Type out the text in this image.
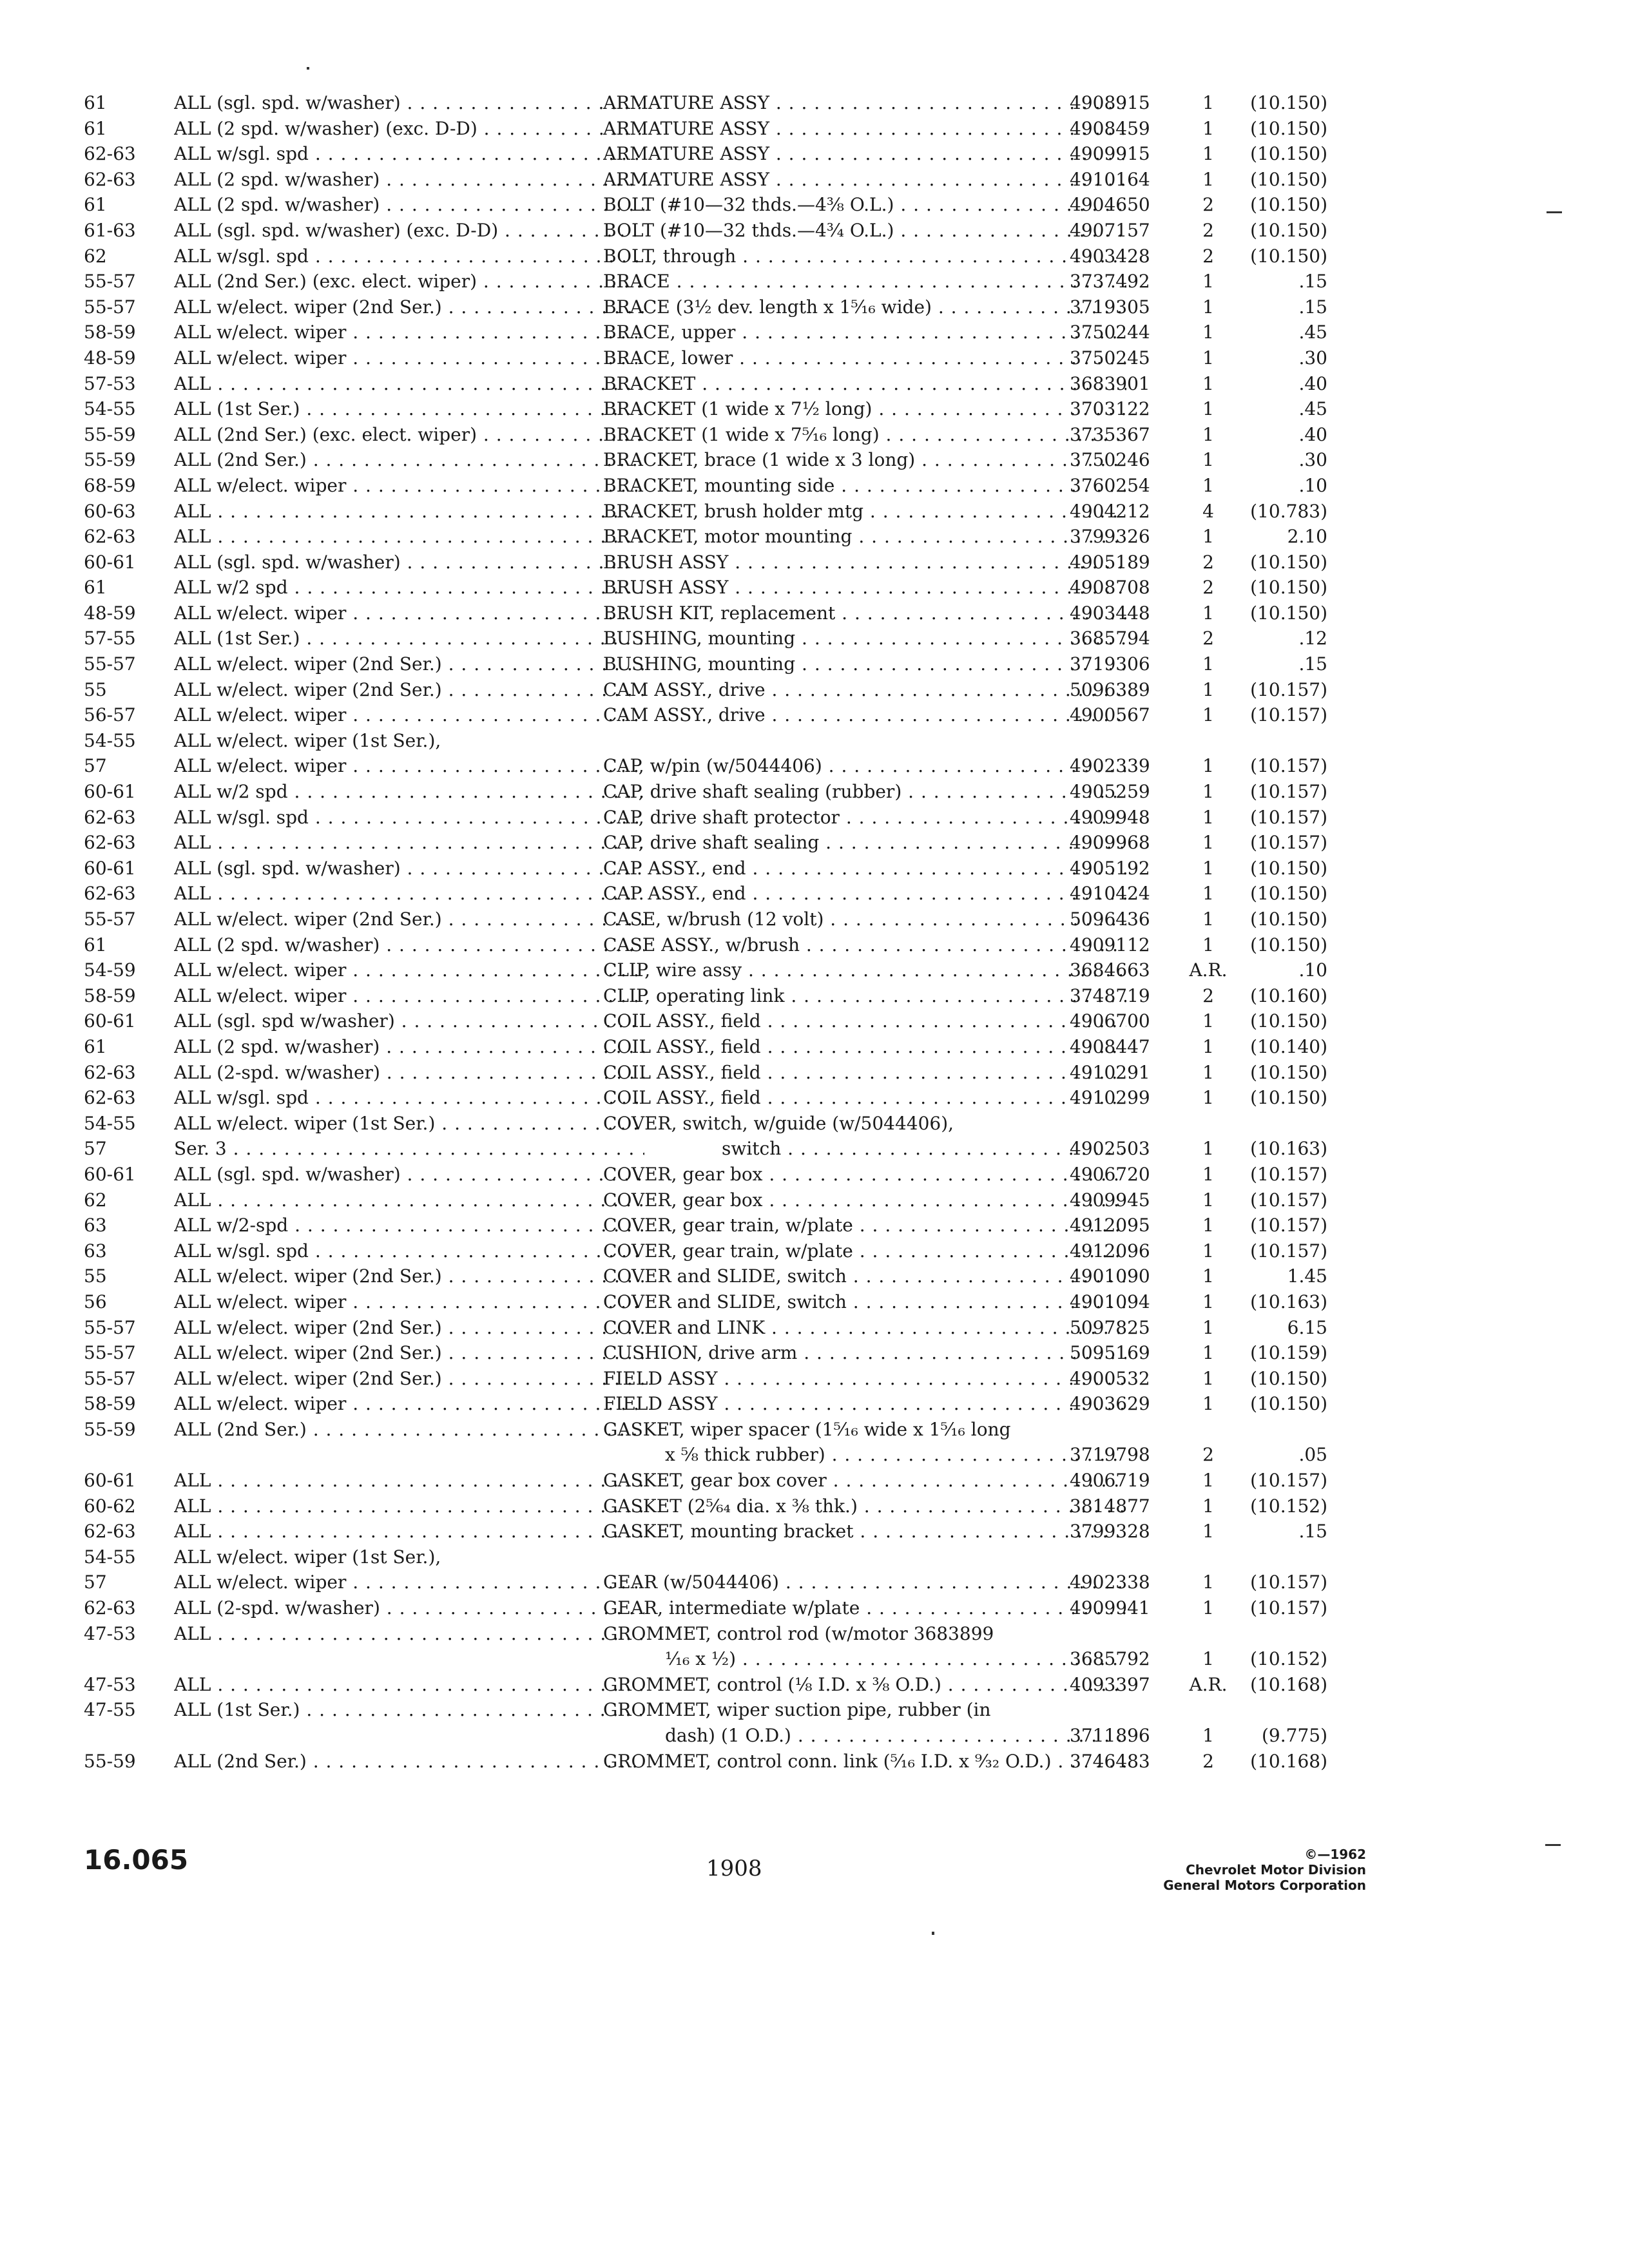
61	ALL (sgl. spd. w/washer) . . .	ARMATURE ASSY . . .	4908915	1	(10.150)
61	ALL (2 spd. w/washer) (exc. D-D) . . .	ARMATURE ASSY . . .	4908459	1	(10.150)
62-63	ALL w/sgl. spd . . .	ARMATURE ASSY . . .	4909915	1	(10.150)
62-63	ALL (2 spd. w/washer) . . .	ARMATURE ASSY . . .	4910164	1	(10.150)
61	ALL (2 spd. w/washer) . . .	BOLT (#10—32 thds.—4⅜ O.L.) . . .	4904650	2	(10.150)
61-63	ALL (sgl. spd. w/washer) (exc. D-D) . . .	BOLT (#10—32 thds.—4¾ O.L.) . . .	4907157	2	(10.150)
62	ALL w/sgl. spd . . .	BOLT, through . . .	4903428	2	(10.150)
55-57	ALL (2nd Ser.) (exc. elect. wiper) . . .	BRACE . . .	3737492	1	.15
55-57	ALL w/elect. wiper (2nd Ser.) . . .	BRACE (3½ dev. length x 1⁵⁄₁₆ wide) . . .	3719305	1	.15
58-59	ALL w/elect. wiper . . .	BRACE, upper . . .	3750244	1	.45
48-59	ALL w/elect. wiper . . .	BRACE, lower . . .	3750245	1	.30
57-53	ALL . . .	BRACKET . . .	3683901	1	.40
54-55	ALL (1st Ser.) . . .	BRACKET (1 wide x 7½ long) . . .	3703122	1	.45
55-59	ALL (2nd Ser.) (exc. elect. wiper) . . .	BRACKET (1 wide x 7⁵⁄₁₆ long) . . .	3735367	1	.40
55-59	ALL (2nd Ser.) . . .	BRACKET, brace (1 wide x 3 long) . . .	3750246	1	.30
68-59	ALL w/elect. wiper . . .	BRACKET, mounting side . . .	3760254	1	.10
60-63	ALL . . .	BRACKET, brush holder mtg . . .	4904212	4	(10.783)
62-63	ALL . . .	BRACKET, motor mounting . . .	3799326	1	2.10
60-61	ALL (sgl. spd. w/washer) . . .	BRUSH ASSY . . .	4905189	2	(10.150)
61	ALL w/2 spd . . .	BRUSH ASSY . . .	4908708	2	(10.150)
48-59	ALL w/elect. wiper . . .	BRUSH KIT, replacement . . .	4903448	1	(10.150)
57-55	ALL (1st Ser.) . . .	BUSHING, mounting . . .	3685794	2	.12
55-57	ALL w/elect. wiper (2nd Ser.) . . .	BUSHING, mounting . . .	3719306	1	.15
55	ALL w/elect. wiper (2nd Ser.) . . .	CAM ASSY., drive . . .	5096389	1	(10.157)
56-57	ALL w/elect. wiper . . .	CAM ASSY., drive . . .	4900567	1	(10.157)
54-55	ALL w/elect. wiper (1st Ser.),
57	ALL w/elect. wiper . . .	CAP, w/pin (w/5044406) . . .	4902339	1	(10.157)
60-61	ALL w/2 spd . . .	CAP, drive shaft sealing (rubber) . . .	4905259	1	(10.157)
62-63	ALL w/sgl. spd . . .	CAP, drive shaft protector . . .	4909948	1	(10.157)
62-63	ALL . . .	CAP, drive shaft sealing . . .	4909968	1	(10.157)
60-61	ALL (sgl. spd. w/washer) . . .	CAP ASSY., end . . .	4905192	1	(10.150)
62-63	ALL . . .	CAP ASSY., end . . .	4910424	1	(10.150)
55-57	ALL w/elect. wiper (2nd Ser.) . . .	CASE, w/brush (12 volt) . . .	5096436	1	(10.150)
61	ALL (2 spd. w/washer) . . .	CASE ASSY., w/brush . . .	4909112	1	(10.150)
54-59	ALL w/elect. wiper . . .	CLIP, wire assy . . .	3684663	A.R.	.10
58-59	ALL w/elect. wiper . . .	CLIP, operating link . . .	3748719	2	(10.160)
60-61	ALL (sgl. spd w/washer) . . .	COIL ASSY., field . . .	4906700	1	(10.150)
61	ALL (2 spd. w/washer) . . .	COIL ASSY., field . . .	4908447	1	(10.140)
62-63	ALL (2-spd. w/washer) . . .	COIL ASSY., field . . .	4910291	1	(10.150)
62-63	ALL w/sgl. spd . . .	COIL ASSY., field . . .	4910299	1	(10.150)
54-55	ALL w/elect. wiper (1st Ser.) . . .	COVER, switch, w/guide (w/5044406),
57	Ser. 3 . . .	switch . . .	4902503	1	(10.163)
60-61	ALL (sgl. spd. w/washer) . . .	COVER, gear box . . .	4906720	1	(10.157)
62	ALL . . .	COVER, gear box . . .	4909945	1	(10.157)
63	ALL w/2-spd . . .	COVER, gear train, w/plate . . .	4912095	1	(10.157)
63	ALL w/sgl. spd . . .	COVER, gear train, w/plate . . .	4912096	1	(10.157)
55	ALL w/elect. wiper (2nd Ser.) . . .	COVER and SLIDE, switch . . .	4901090	1	1.45
56	ALL w/elect. wiper . . .	COVER and SLIDE, switch . . .	4901094	1	(10.163)
55-57	ALL w/elect. wiper (2nd Ser.) . . .	COVER and LINK . . .	5097825	1	6.15
55-57	ALL w/elect. wiper (2nd Ser.) . . .	CUSHION, drive arm . . .	5095169	1	(10.159)
55-57	ALL w/elect. wiper (2nd Ser.) . . .	FIELD ASSY . . .	4900532	1	(10.150)
58-59	ALL w/elect. wiper . . .	FIELD ASSY . . .	4903629	1	(10.150)
55-59	ALL (2nd Ser.) . . .	GASKET, wiper spacer (1⁵⁄₁₆ wide x 1⁵⁄₁₆ long
x ⅝ thick rubber) . . .	3719798	2	.05
60-61	ALL . . .	GASKET, gear box cover . . .	4906719	1	(10.157)
60-62	ALL . . .	GASKET (2⁵⁄₆₄ dia. x ⅜ thk.) . . .	3814877	1	(10.152)
62-63	ALL . . .	GASKET, mounting bracket . . .	3799328	1	.15
54-55	ALL w/elect. wiper (1st Ser.),
57	ALL w/elect. wiper . . .	GEAR (w/5044406) . . .	4902338	1	(10.157)
62-63	ALL (2-spd. w/washer) . . .	GEAR, intermediate w/plate . . .	4909941	1	(10.157)
47-53	ALL . . .	GROMMET, control rod (w/motor 3683899
¹⁄₁₆ x ½) . . .	3685792	1	(10.152)
47-53	ALL . . .	GROMMET, control (⅛ I.D. x ⅜ O.D.) . . .	4093397	A.R.	(10.168)
47-55	ALL (1st Ser.) . . .	GROMMET, wiper suction pipe, rubber (in
dash) (1 O.D.) . . .	3711896	1	(9.775)
55-59	ALL (2nd Ser.) . . .	GROMMET, control conn. link (⁵⁄₁₆ I.D. x ⁹⁄₃₂ O.D.) . . .	3746483	2	(10.168)
16.065	1908
©—1962
Chevrolet Motor Division
General Motors Corporation
